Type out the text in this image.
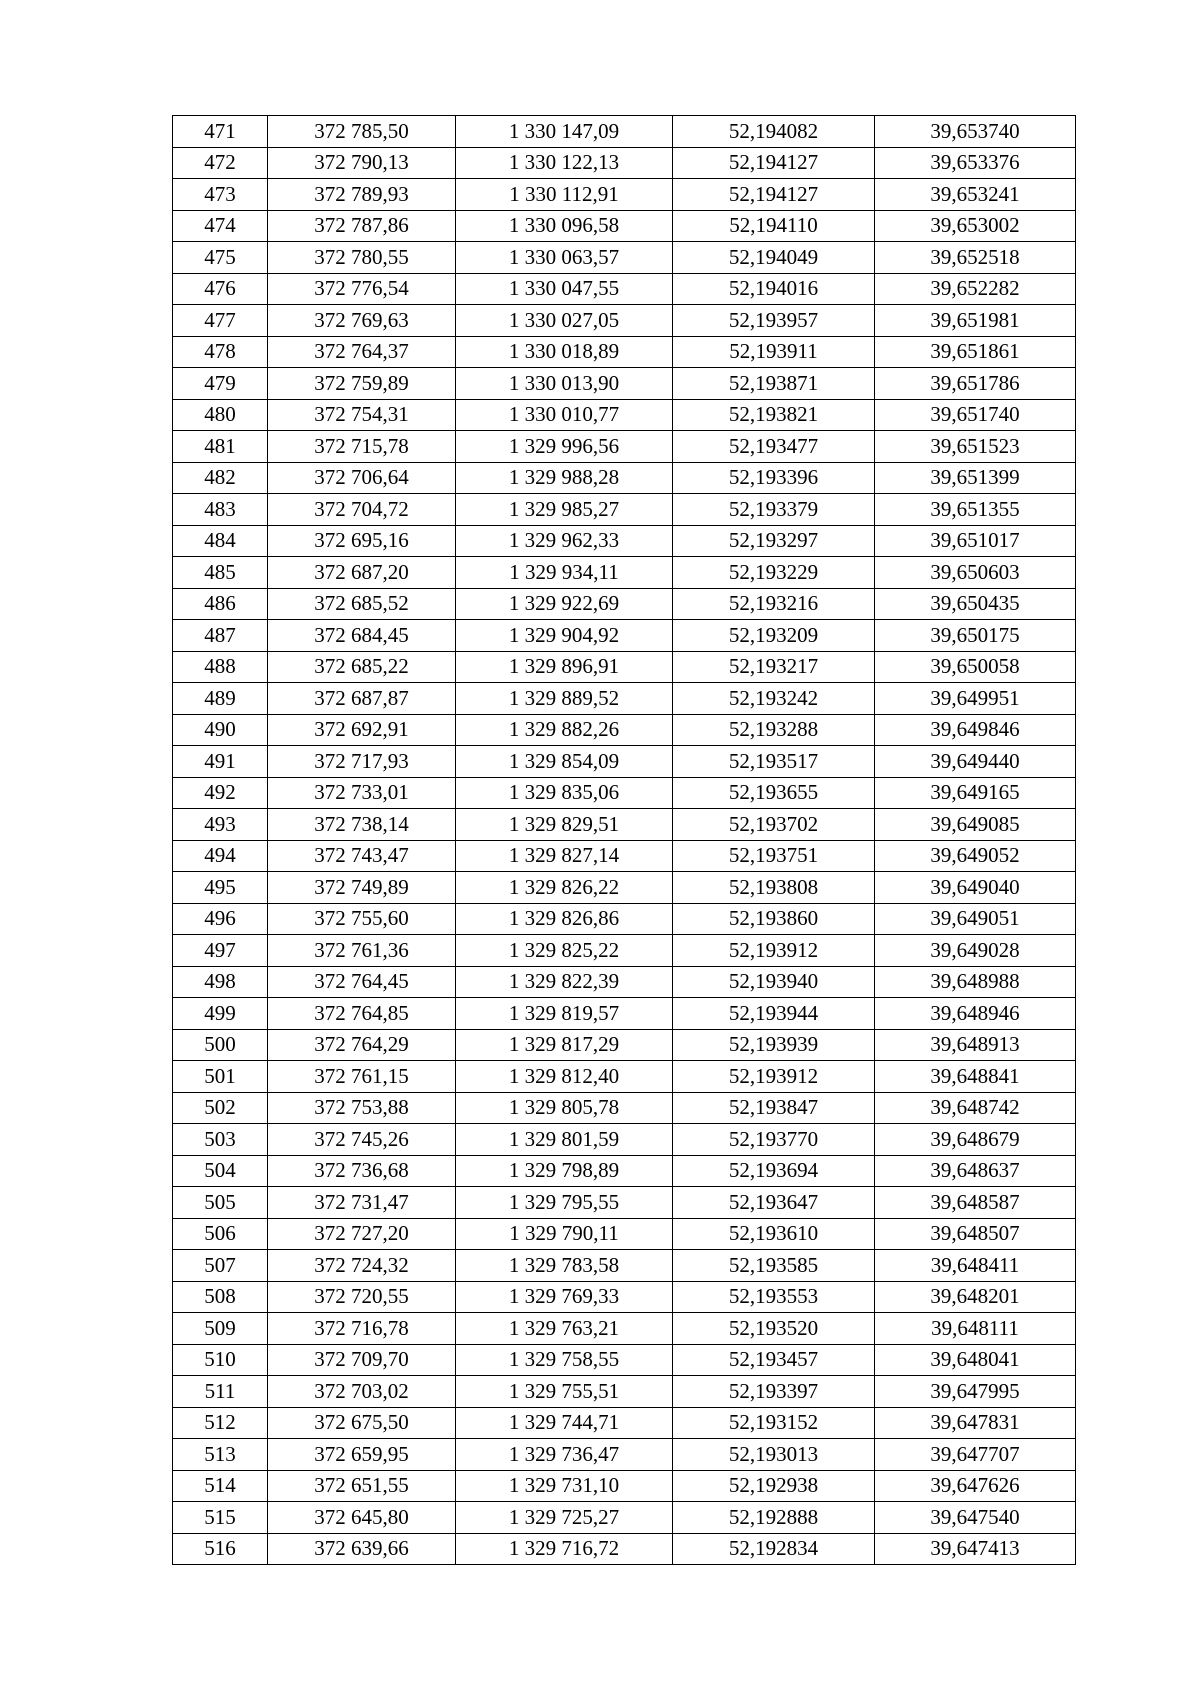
471	372 785,50	1 330 147,09	52,194082	39,653740
472	372 790,13	1 330 122,13	52,194127	39,653376
473	372 789,93	1 330 112,91	52,194127	39,653241
474	372 787,86	1 330 096,58	52,194110	39,653002
475	372 780,55	1 330 063,57	52,194049	39,652518
476	372 776,54	1 330 047,55	52,194016	39,652282
477	372 769,63	1 330 027,05	52,193957	39,651981
478	372 764,37	1 330 018,89	52,193911	39,651861
479	372 759,89	1 330 013,90	52,193871	39,651786
480	372 754,31	1 330 010,77	52,193821	39,651740
481	372 715,78	1 329 996,56	52,193477	39,651523
482	372 706,64	1 329 988,28	52,193396	39,651399
483	372 704,72	1 329 985,27	52,193379	39,651355
484	372 695,16	1 329 962,33	52,193297	39,651017
485	372 687,20	1 329 934,11	52,193229	39,650603
486	372 685,52	1 329 922,69	52,193216	39,650435
487	372 684,45	1 329 904,92	52,193209	39,650175
488	372 685,22	1 329 896,91	52,193217	39,650058
489	372 687,87	1 329 889,52	52,193242	39,649951
490	372 692,91	1 329 882,26	52,193288	39,649846
491	372 717,93	1 329 854,09	52,193517	39,649440
492	372 733,01	1 329 835,06	52,193655	39,649165
493	372 738,14	1 329 829,51	52,193702	39,649085
494	372 743,47	1 329 827,14	52,193751	39,649052
495	372 749,89	1 329 826,22	52,193808	39,649040
496	372 755,60	1 329 826,86	52,193860	39,649051
497	372 761,36	1 329 825,22	52,193912	39,649028
498	372 764,45	1 329 822,39	52,193940	39,648988
499	372 764,85	1 329 819,57	52,193944	39,648946
500	372 764,29	1 329 817,29	52,193939	39,648913
501	372 761,15	1 329 812,40	52,193912	39,648841
502	372 753,88	1 329 805,78	52,193847	39,648742
503	372 745,26	1 329 801,59	52,193770	39,648679
504	372 736,68	1 329 798,89	52,193694	39,648637
505	372 731,47	1 329 795,55	52,193647	39,648587
506	372 727,20	1 329 790,11	52,193610	39,648507
507	372 724,32	1 329 783,58	52,193585	39,648411
508	372 720,55	1 329 769,33	52,193553	39,648201
509	372 716,78	1 329 763,21	52,193520	39,648111
510	372 709,70	1 329 758,55	52,193457	39,648041
511	372 703,02	1 329 755,51	52,193397	39,647995
512	372 675,50	1 329 744,71	52,193152	39,647831
513	372 659,95	1 329 736,47	52,193013	39,647707
514	372 651,55	1 329 731,10	52,192938	39,647626
515	372 645,80	1 329 725,27	52,192888	39,647540
516	372 639,66	1 329 716,72	52,192834	39,647413
